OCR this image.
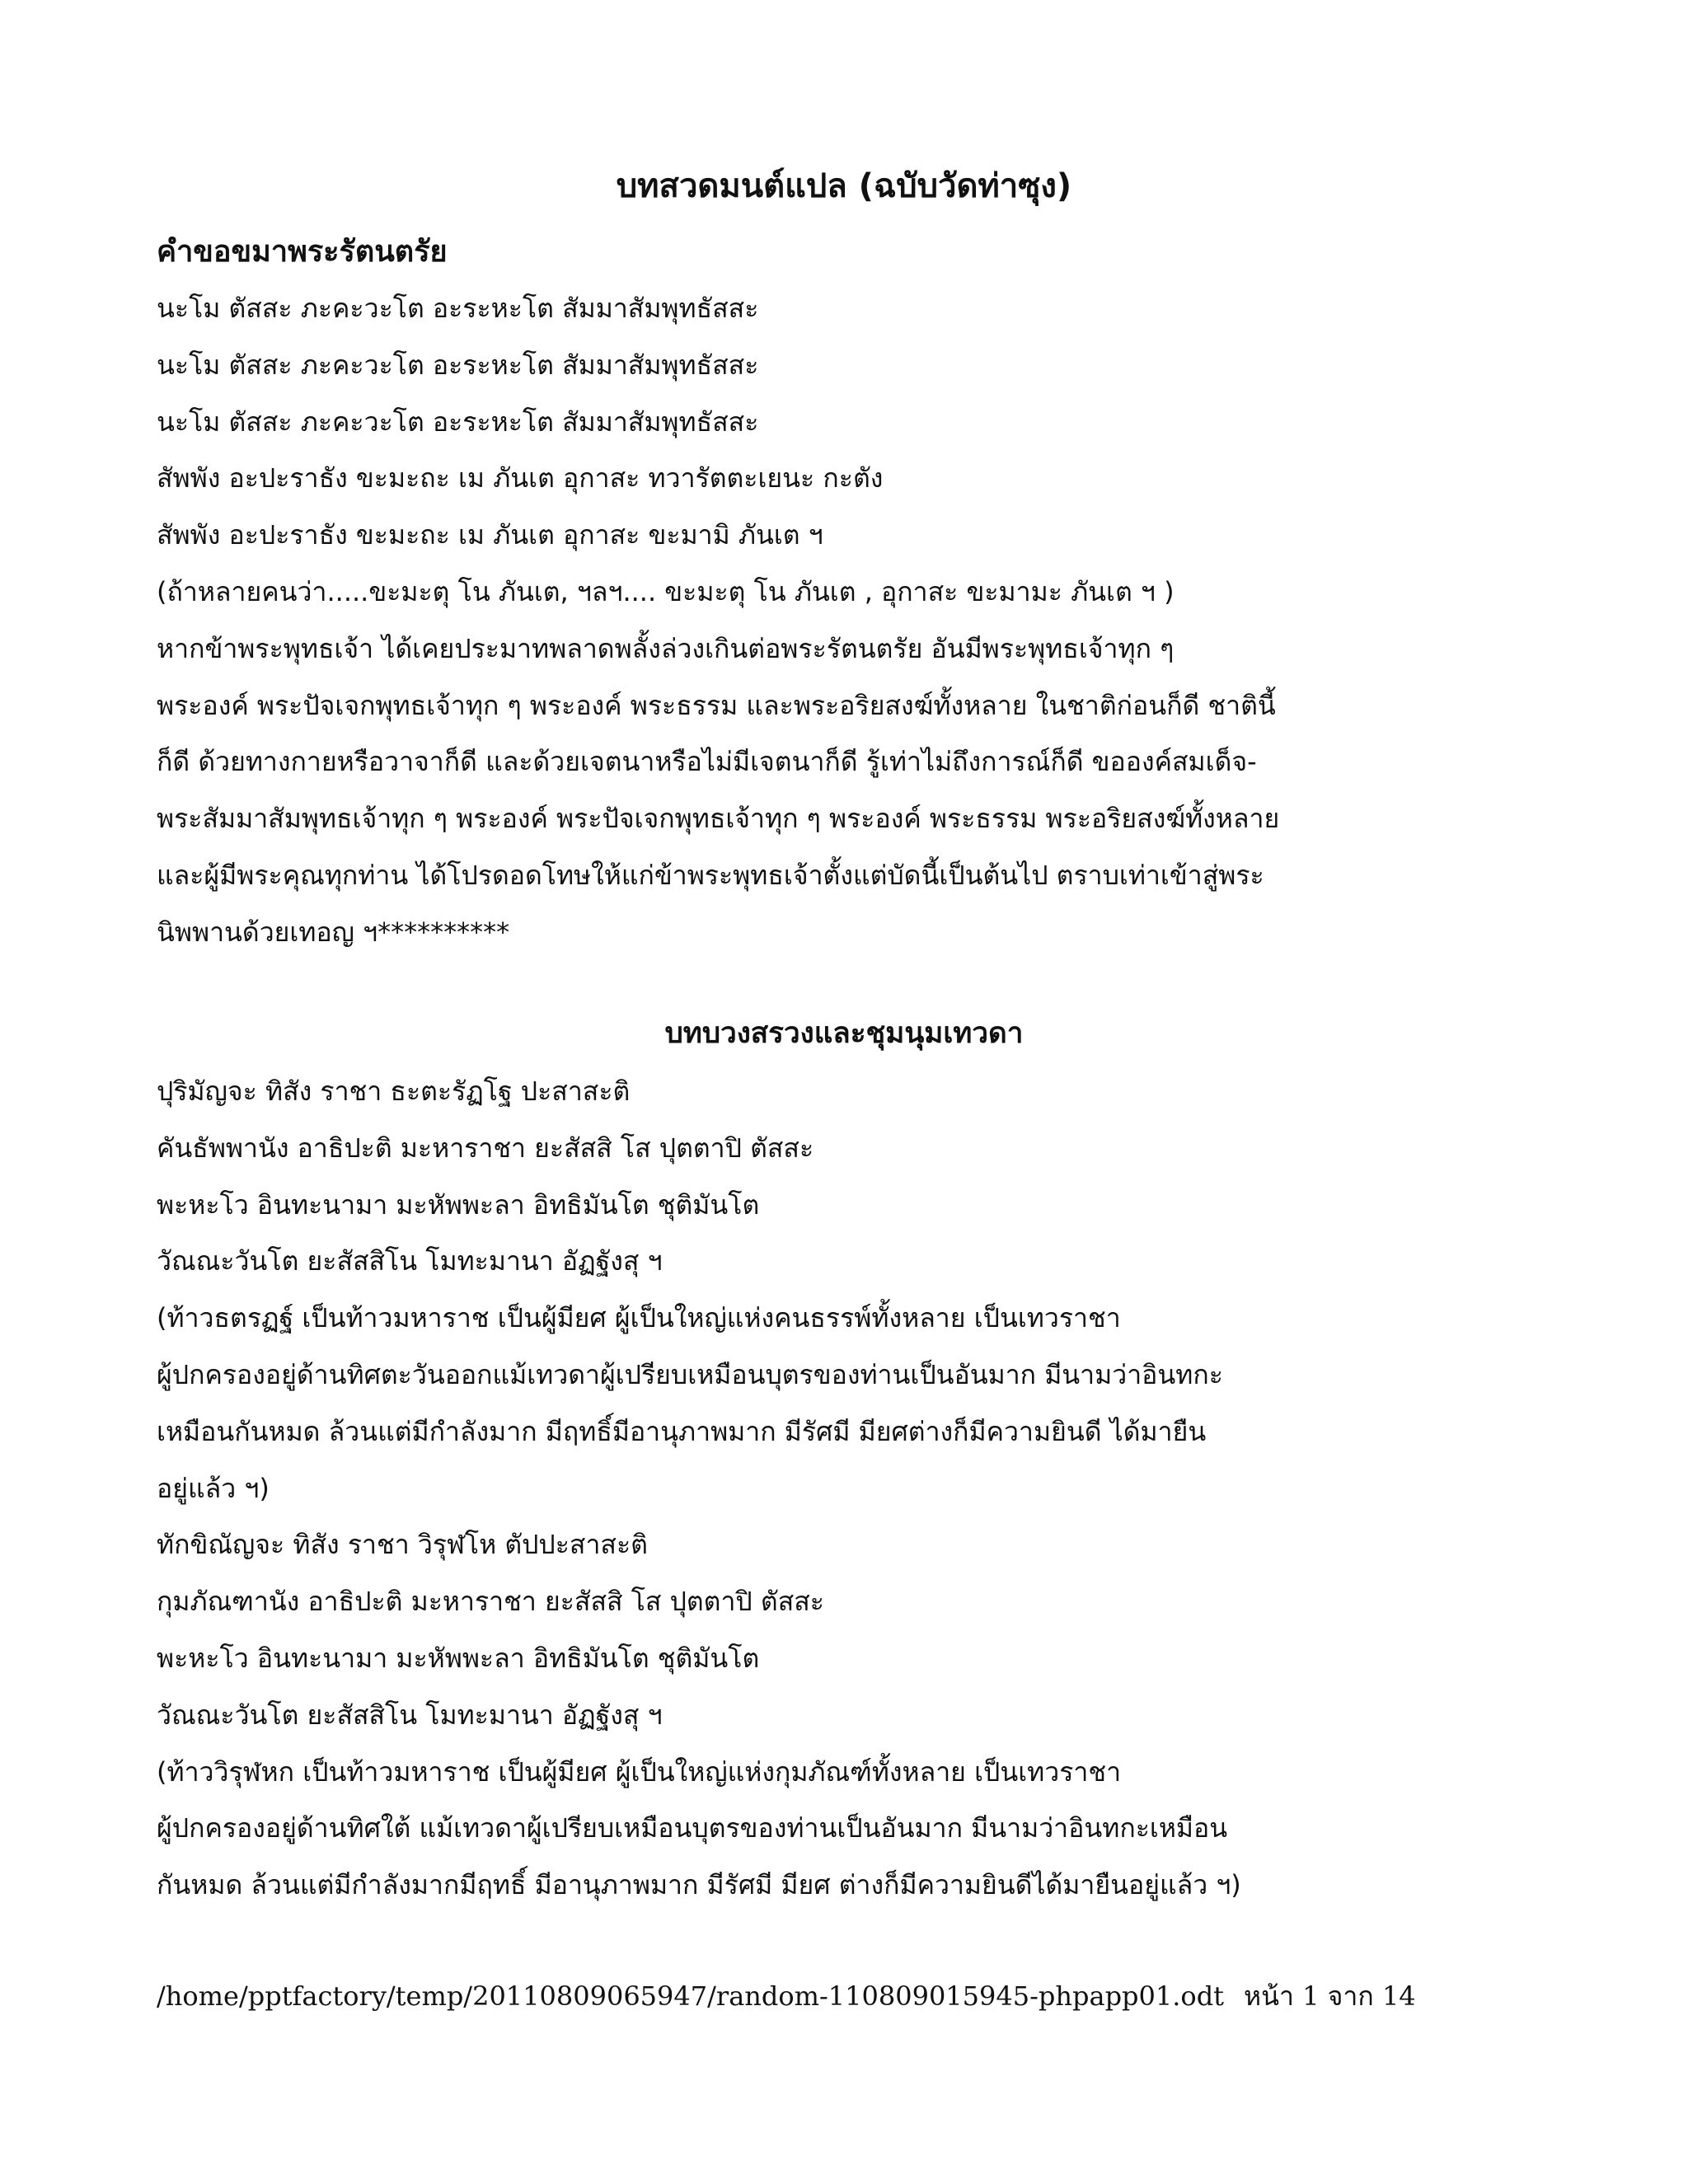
บทสวดมนต์แปล (ฉบับวัดท่าซุง)
คำขอขมาพระรัตนตรัย
นะโม ตัสสะ ภะคะวะโต อะระหะโต สัมมาสัมพุทธัสสะ
นะโม ตัสสะ ภะคะวะโต อะระหะโต สัมมาสัมพุทธัสสะ
นะโม ตัสสะ ภะคะวะโต อะระหะโต สัมมาสัมพุทธัสสะ
สัพพัง อะปะราธัง ขะมะถะ เม ภันเต อุกาสะ ทวารัตตะเยนะ กะตัง
สัพพัง อะปะราธัง ขะมะถะ เม ภันเต อุกาสะ ขะมามิ ภันเต ฯ
(ถ้าหลายคนว่า.....ขะมะตุ โน ภันเต, ฯลฯ.... ขะมะตุ โน ภันเต , อุกาสะ ขะมามะ ภันเต ฯ )
หากข้าพระพุทธเจ้า ได้เคยประมาทพลาดพลั้งล่วงเกินต่อพระรัตนตรัย อันมีพระพุทธเจ้าทุก ๆ
พระองค์ พระปัจเจกพุทธเจ้าทุก ๆ พระองค์ พระธรรม และพระอริยสงฆ์ทั้งหลาย ในชาติก่อนก็ดี ชาตินี้
ก็ดี ด้วยทางกายหรือวาจาก็ดี และด้วยเจตนาหรือไม่มีเจตนาก็ดี รู้เท่าไม่ถึงการณ์ก็ดี ขอองค์สมเด็จ-
พระสัมมาสัมพุทธเจ้าทุก ๆ พระองค์ พระปัจเจกพุทธเจ้าทุก ๆ พระองค์ พระธรรม พระอริยสงฆ์ทั้งหลาย
และผู้มีพระคุณทุกท่าน ได้โปรดอดโทษให้แก่ข้าพระพุทธเจ้าตั้งแต่บัดนี้เป็นต้นไป ตราบเท่าเข้าสู่พระ
นิพพานด้วยเทอญ ฯ**********
บทบวงสรวงและชุมนุมเทวดา
ปุริมัญจะ ทิสัง ราชา ธะตะรัฏโฐ ปะสาสะติ
คันธัพพานัง อาธิปะติ มะหาราชา ยะสัสสิ โส ปุตตาปิ ตัสสะ
พะหะโว อินทะนามา มะหัพพะลา อิทธิมันโต ชุติมันโต
วัณณะวันโต ยะสัสสิโน โมทะมานา อัฏฐังสุ ฯ
(ท้าวธตรฏฐ์ เป็นท้าวมหาราช เป็นผู้มียศ ผู้เป็นใหญ่แห่งคนธรรพ์ทั้งหลาย เป็นเทวราชา
ผู้ปกครองอยู่ด้านทิศตะวันออกแม้เทวดาผู้เปรียบเหมือนบุตรของท่านเป็นอันมาก มีนามว่าอินทกะ
เหมือนกันหมด ล้วนแต่มีกำลังมาก มีฤทธิ์มีอานุภาพมาก มีรัศมี มียศต่างก็มีความยินดี ได้มายืน
อยู่แล้ว ฯ)
ทักขิณัญจะ ทิสัง ราชา วิรุฬโห ตัปปะสาสะติ
กุมภัณฑานัง อาธิปะติ มะหาราชา ยะสัสสิ โส ปุตตาปิ ตัสสะ
พะหะโว อินทะนามา มะหัพพะลา อิทธิมันโต ชุติมันโต
วัณณะวันโต ยะสัสสิโน โมทะมานา อัฏฐังสุ ฯ
(ท้าววิรุฬหก เป็นท้าวมหาราช เป็นผู้มียศ ผู้เป็นใหญ่แห่งกุมภัณฑ์ทั้งหลาย เป็นเทวราชา
ผู้ปกครองอยู่ด้านทิศใต้ แม้เทวดาผู้เปรียบเหมือนบุตรของท่านเป็นอันมาก มีนามว่าอินทกะเหมือน
กันหมด ล้วนแต่มีกำลังมากมีฤทธิ์ มีอานุภาพมาก มีรัศมี มียศ ต่างก็มีความยินดีได้มายืนอยู่แล้ว ฯ)
/home/pptfactory/temp/20110809065947/random-110809015945-phpapp01.odt หน้า 1 จาก 14
